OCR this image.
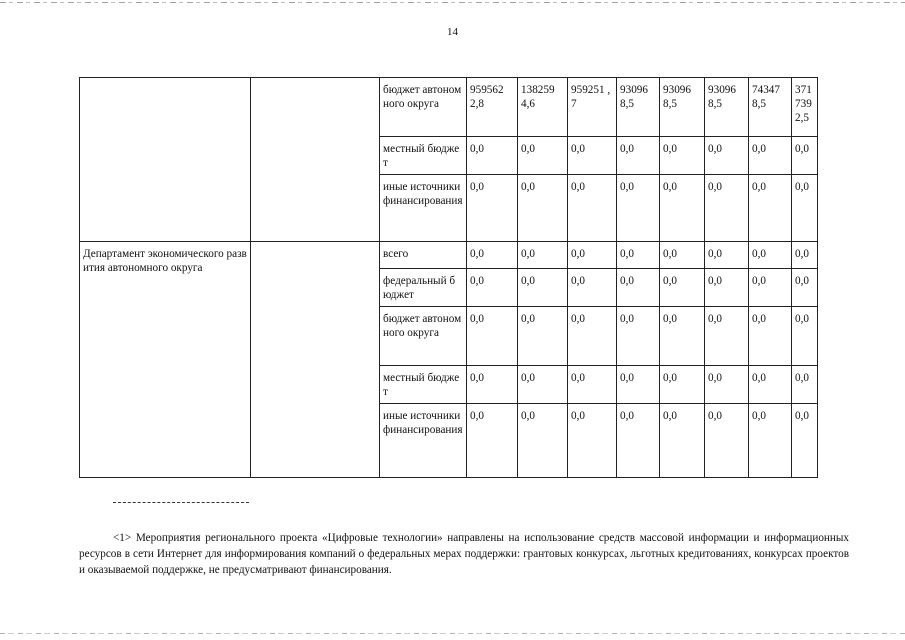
14
		бюджет автономного округа	959562 2,8	138259 4,6	959251 ,7	93096 8,5	93096 8,5	93096 8,5	74347 8,5	371739 2,5	
		местный бюджет	0,0	0,0	0,0	0,0	0,0	0,0	0,0	0,0	
		иные источники финансирования	0,0	0,0	0,0	0,0	0,0	0,0	0,0	0,0	
Департамент экономического развития автономного округа		всего	0,0	0,0	0,0	0,0	0,0	0,0	0,0	0,0	
		федеральный бюджет	0,0	0,0	0,0	0,0	0,0	0,0	0,0	0,0	
		бюджет автономного округа	0,0	0,0	0,0	0,0	0,0	0,0	0,0	0,0	
		местный бюджет	0,0	0,0	0,0	0,0	0,0	0,0	0,0	0,0	
		иные источники финансирования	0,0	0,0	0,0	0,0	0,0	0,0	0,0	0,0	

<1> Мероприятия регионального проекта «Цифровые технологии» направлены на использование средств массовой информации и информационных ресурсов в сети Интернет для информирования компаний о федеральных мерах поддержки: грантовых конкурсах, льготных кредитованиях, конкурсах проектов и оказываемой поддержке, не предусматривают финансирования.
